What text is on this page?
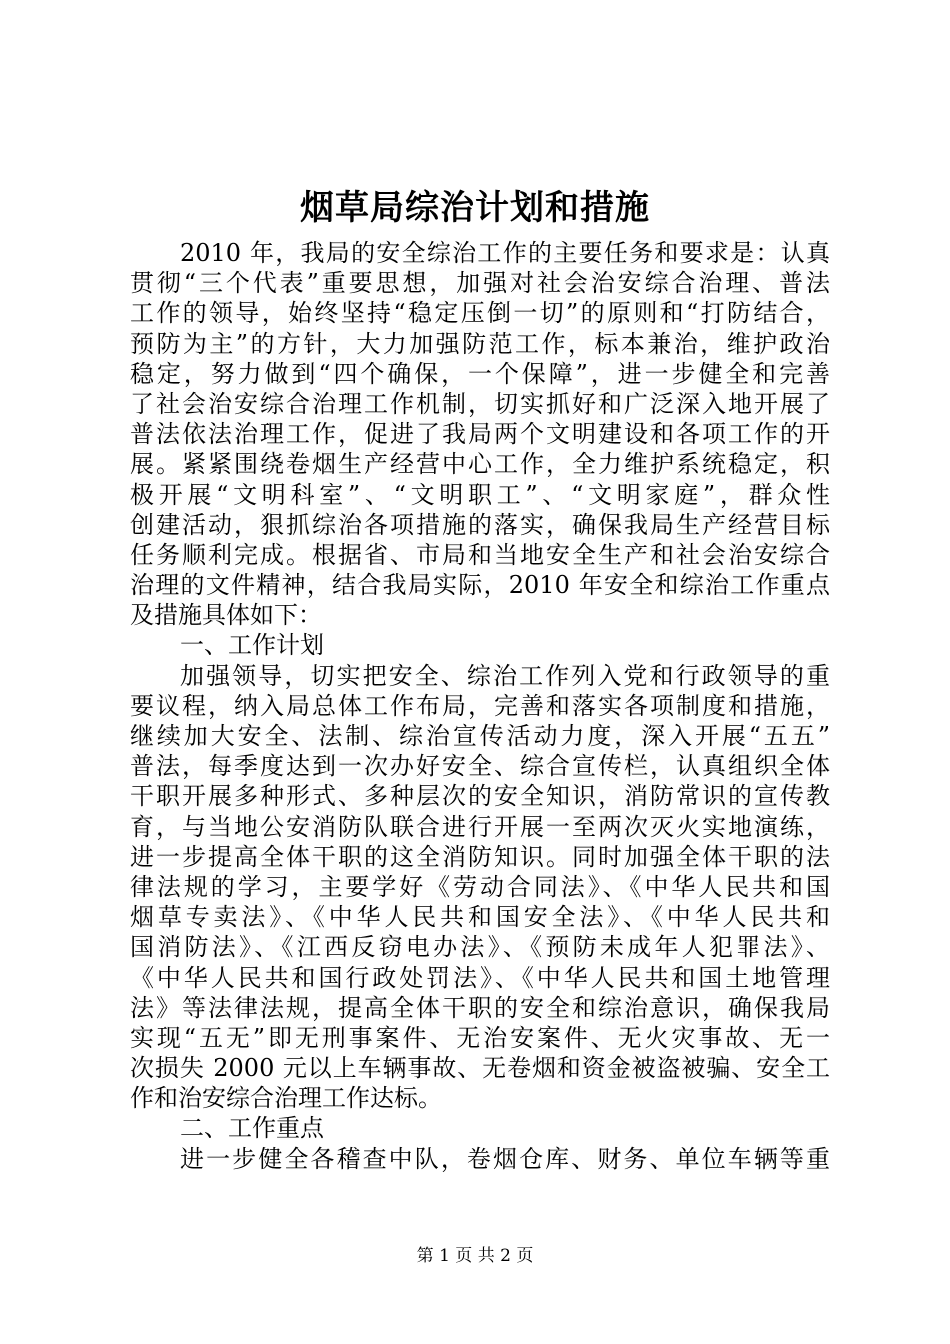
烟草局综治计划和措施
2010 年，我局的安全综治工作的主要任务和要求是：认真
贯彻“三个代表”重要思想，加强对社会治安综合治理、普法
工作的领导，始终坚持“稳定压倒一切”的原则和“打防结合，
预防为主”的方针，大力加强防范工作，标本兼治，维护政治
稳定，努力做到“四个确保，一个保障”，进一步健全和完善
了社会治安综合治理工作机制，切实抓好和广泛深入地开展了
普法依法治理工作，促进了我局两个文明建设和各项工作的开
展。紧紧围绕卷烟生产经营中心工作，全力维护系统稳定，积
极开展“文明科室”、“文明职工”、“文明家庭”，群众性
创建活动，狠抓综治各项措施的落实，确保我局生产经营目标
任务顺利完成。根据省、市局和当地安全生产和社会治安综合
治理的文件精神，结合我局实际，2010 年安全和综治工作重点
及措施具体如下：
一、工作计划
加强领导，切实把安全、综治工作列入党和行政领导的重
要议程，纳入局总体工作布局，完善和落实各项制度和措施，
继续加大安全、法制、综治宣传活动力度，深入开展“五五”
普法，每季度达到一次办好安全、综合宣传栏，认真组织全体
干职开展多种形式、多种层次的安全知识，消防常识的宣传教
育，与当地公安消防队联合进行开展一至两次灭火实地演练，
进一步提高全体干职的这全消防知识。同时加强全体干职的法
律法规的学习，主要学好《劳动合同法》、《中华人民共和国
烟草专卖法》、《中华人民共和国安全法》、《中华人民共和
国消防法》、《江西反窃电办法》、《预防未成年人犯罪法》、
《中华人民共和国行政处罚法》、《中华人民共和国土地管理
法》等法律法规，提高全体干职的安全和综治意识，确保我局
实现“五无”即无刑事案件、无治安案件、无火灾事故、无一
次损失 2000 元以上车辆事故、无卷烟和资金被盗被骗、安全工
作和治安综合治理工作达标。
二、工作重点
进一步健全各稽查中队，卷烟仓库、财务、单位车辆等重
第 1 页 共 2 页
